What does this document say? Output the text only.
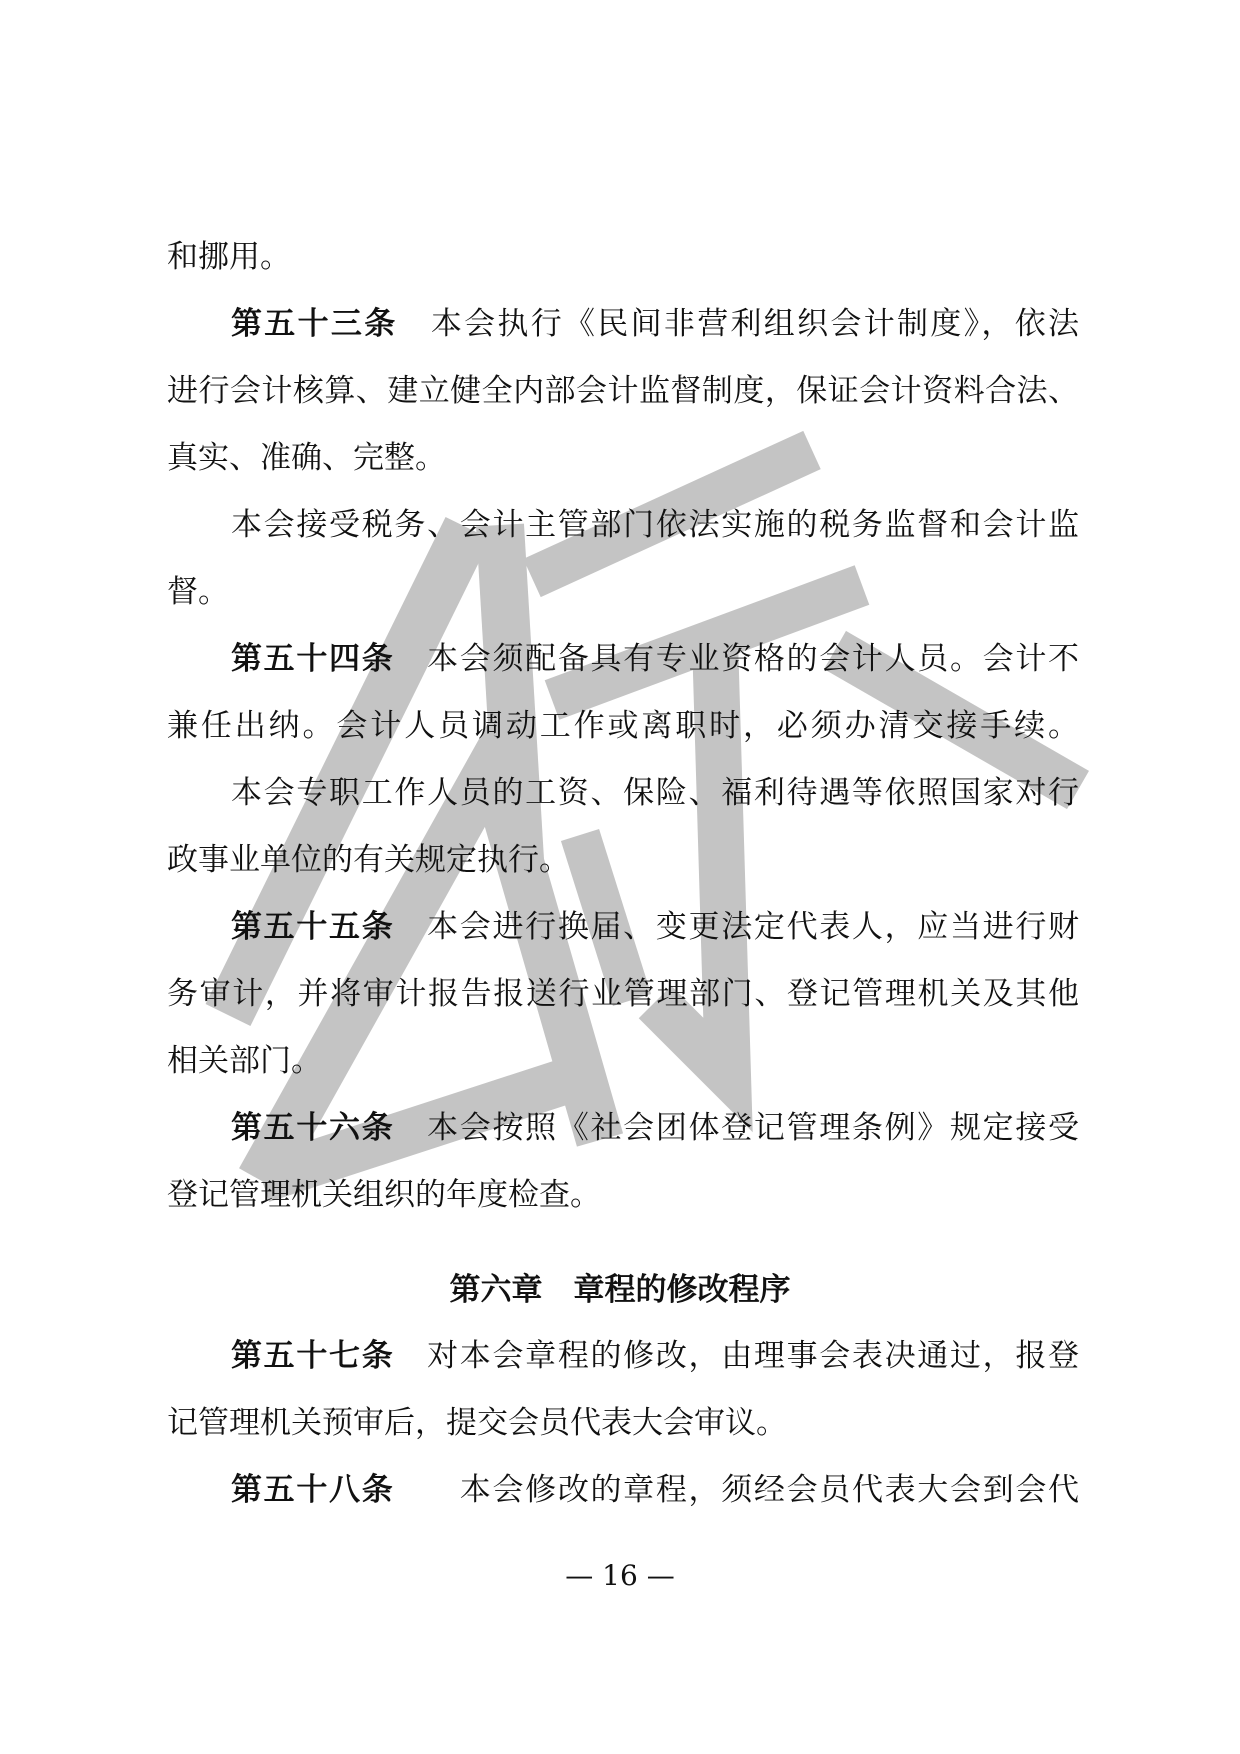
和挪用。
第五十三条　 本会执行《民间非营利组织会计制度》，依法
进行会计核算、建立健全内部会计监督制度，保证会计资料合法、
真实、准确、完整。
本会接受税务、会计主管部门依法实施的税务监督和会计监
督。
第五十四条　 本会须配备具有专业资格的会计人员。会计不
兼任出纳。会计人员调动工作或离职时，必须办清交接手续。
本会专职工作人员的工资、保险、福利待遇等依照国家对行
政事业单位的有关规定执行。
第五十五条　 本会进行换届、变更法定代表人，应当进行财
务审计，并将审计报告报送行业管理部门、登记管理机关及其他
相关部门。
第五十六条　 本会按照《社会团体登记管理条例》规定接受
登记管理机关组织的年度检查。
第五十七条　 对本会章程的修改，由理事会表决通过，报登
记管理机关预审后，提交会员代表大会审议。
第五十八条　　 本会修改的章程，须经会员代表大会到会代
第六章　章程的修改程序
— 16 —
